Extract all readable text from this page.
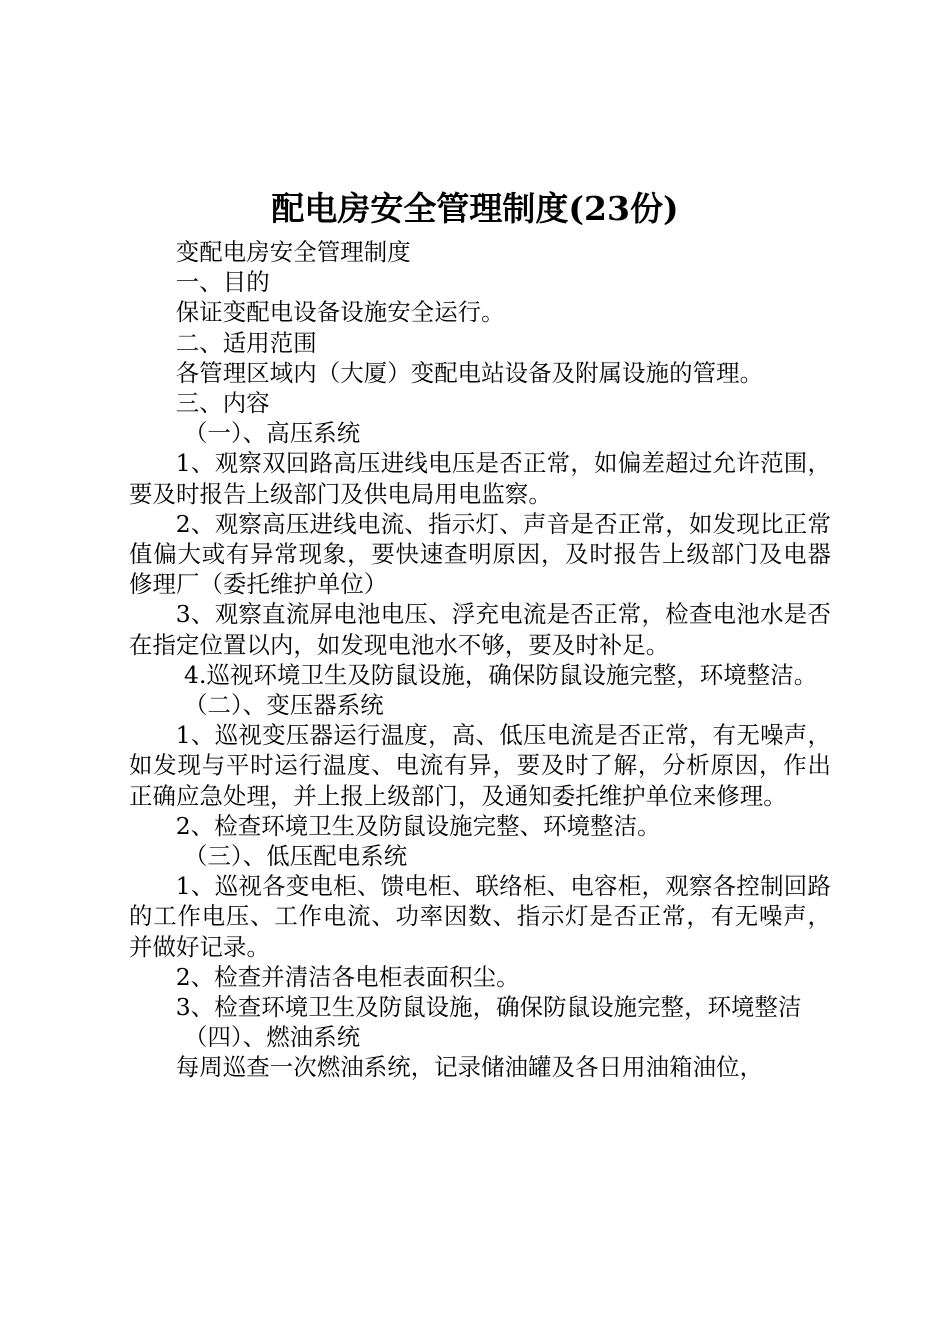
配电房安全管理制度(23份)

变配电房安全管理制度

一、目的

保证变配电设备设施安全运行。

二、适用范围

各管理区域内（大厦）变配电站设备及附属设施的管理。

三、内容

（一）、高压系统

1、观察双回路高压进线电压是否正常，如偏差超过允许范围，要及时报告上级部门及供电局用电监察。

2、观察高压进线电流、指示灯、声音是否正常，如发现比正常值偏大或有异常现象，要快速查明原因，及时报告上级部门及电器修理厂（委托维护单位）

3、观察直流屏电池电压、浮充电流是否正常，检查电池水是否在指定位置以内，如发现电池水不够，要及时补足。

4.巡视环境卫生及防鼠设施，确保防鼠设施完整，环境整洁。

（二）、变压器系统

1、巡视变压器运行温度，高、低压电流是否正常，有无噪声，如发现与平时运行温度、电流有异，要及时了解，分析原因，作出正确应急处理，并上报上级部门，及通知委托维护单位来修理。

2、检查环境卫生及防鼠设施完整、环境整洁。

（三）、低压配电系统

1、巡视各变电柜、馈电柜、联络柜、电容柜，观察各控制回路的工作电压、工作电流、功率因数、指示灯是否正常，有无噪声，并做好记录。

2、检查并清洁各电柜表面积尘。

3、检查环境卫生及防鼠设施，确保防鼠设施完整，环境整洁

（四）、燃油系统

每周巡查一次燃油系统，记录储油罐及各日用油箱油位，
